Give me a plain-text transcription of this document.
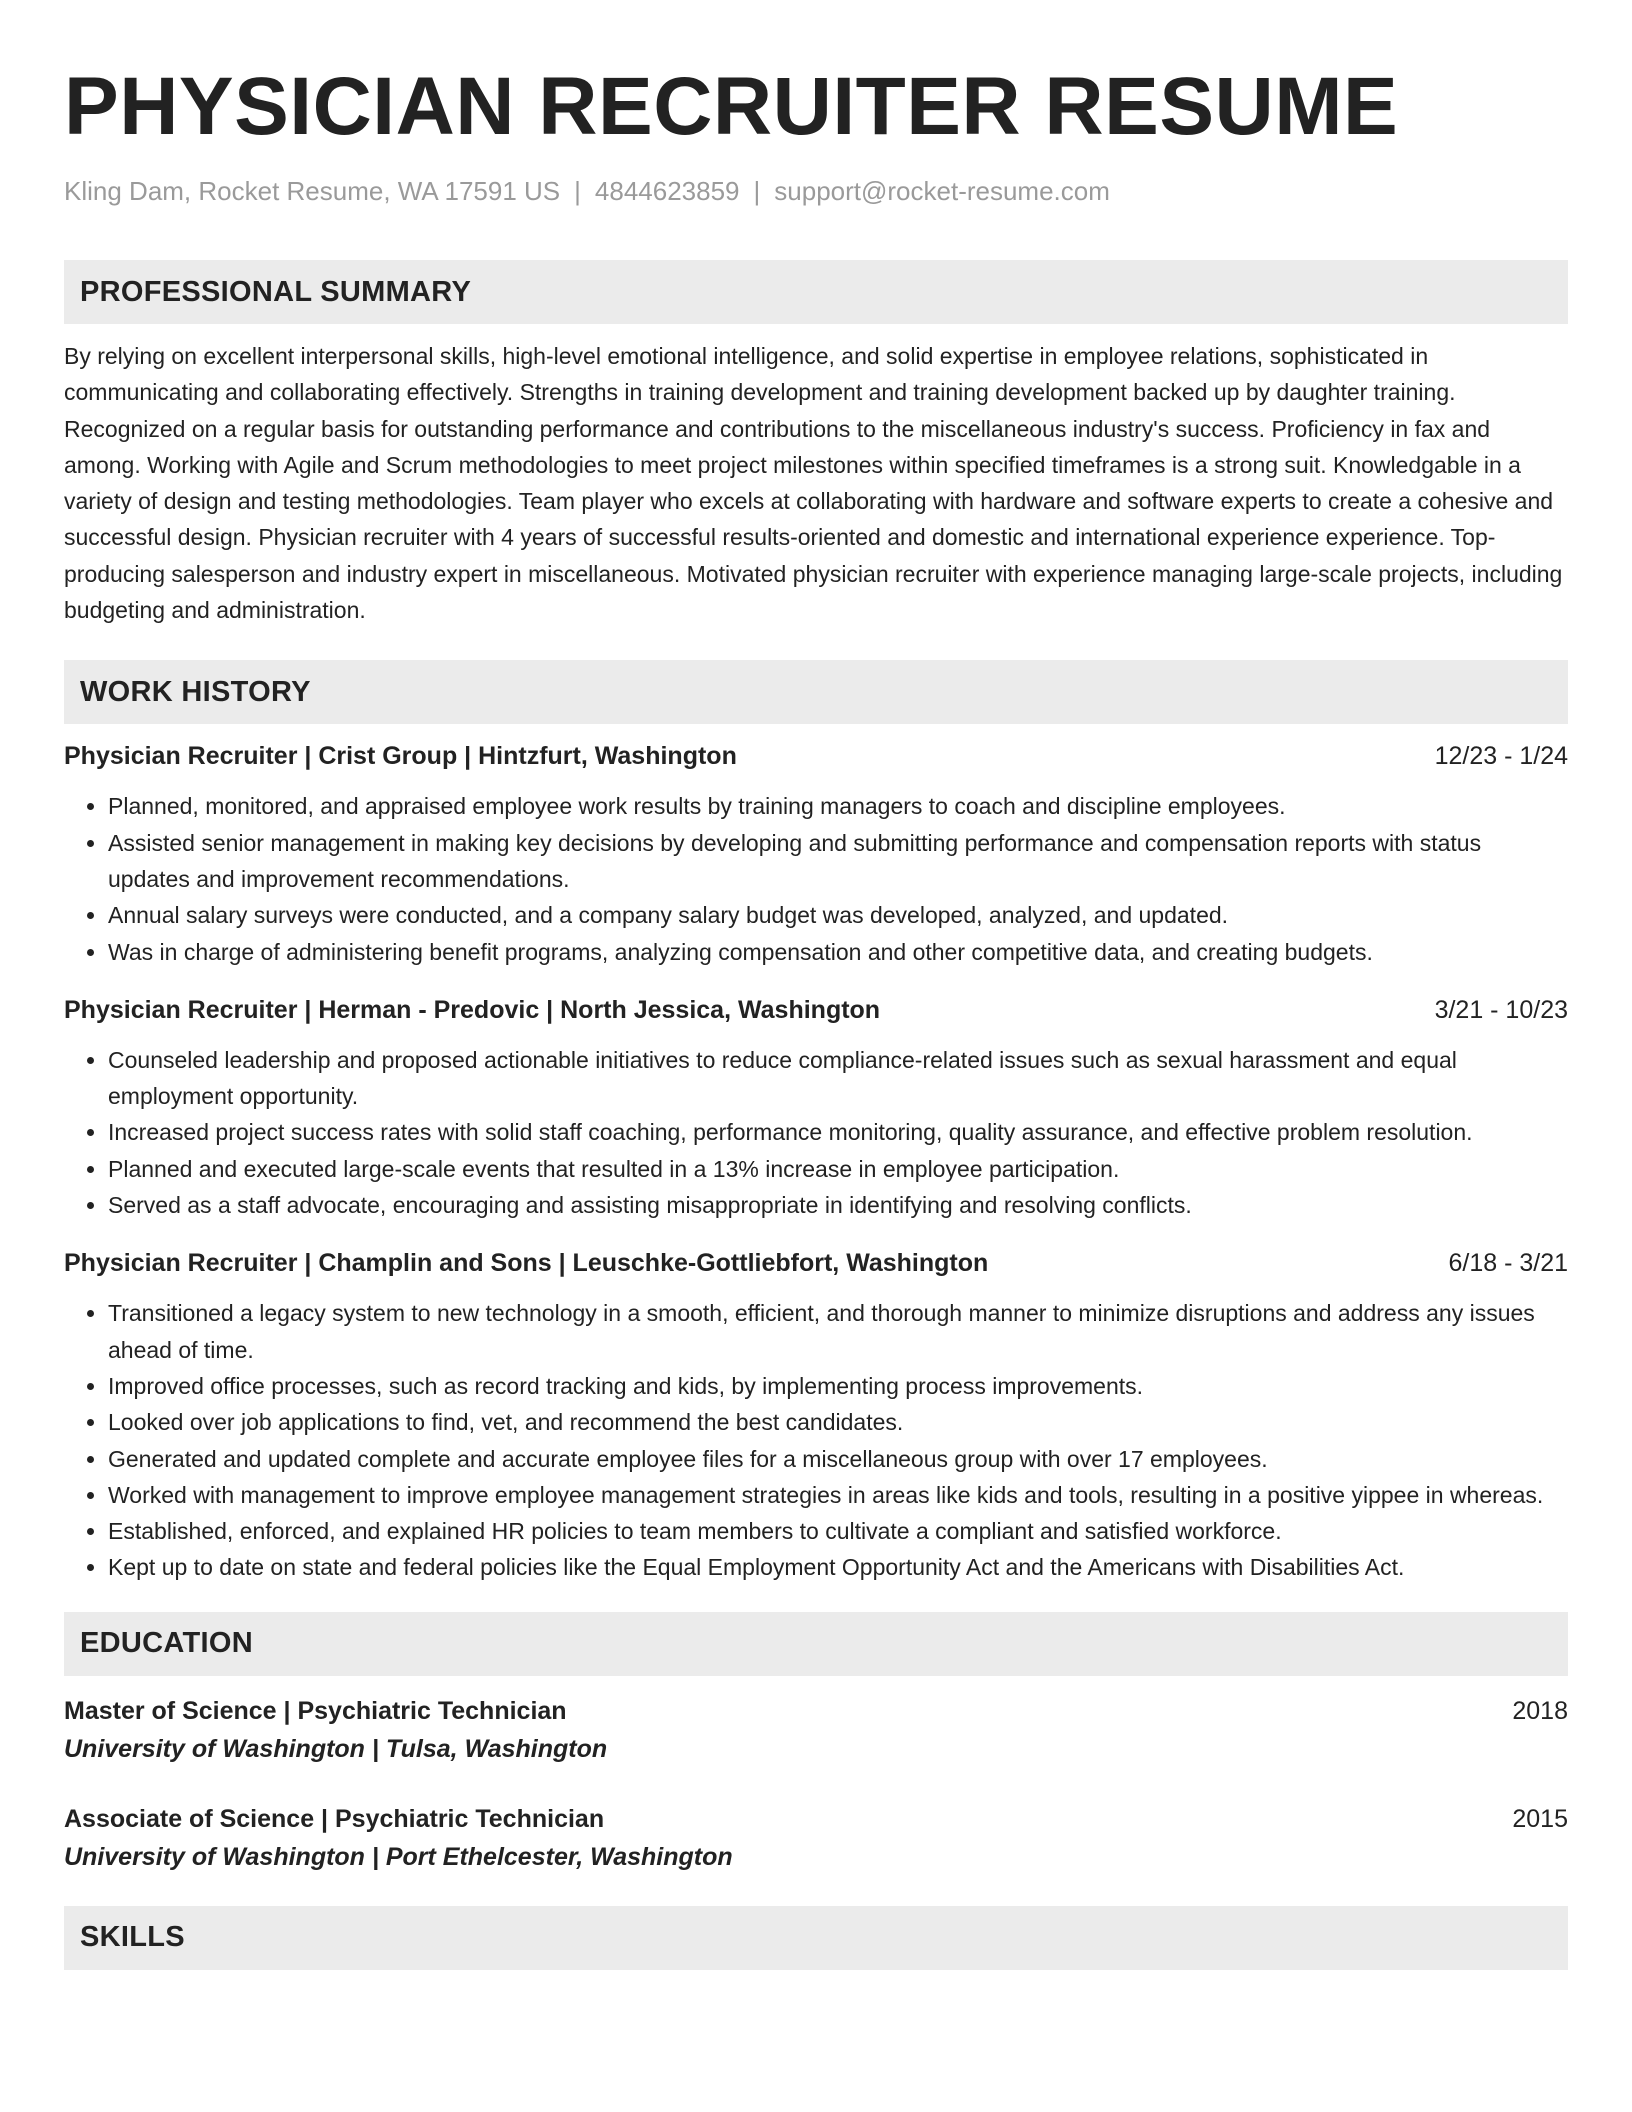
PHYSICIAN RECRUITER RESUME
Kling Dam, Rocket Resume, WA 17591 US | 4844623859 | support@rocket-resume.com
PROFESSIONAL SUMMARY

By relying on excellent interpersonal skills, high-level emotional intelligence, and solid expertise in employee relations, sophisticated in communicating and collaborating effectively. Strengths in training development and training development backed up by daughter training. Recognized on a regular basis for outstanding performance and contributions to the miscellaneous industry's success. Proficiency in fax and among. Working with Agile and Scrum methodologies to meet project milestones within specified timeframes is a strong suit. Knowledgable in a variety of design and testing methodologies. Team player who excels at collaborating with hardware and software experts to create a cohesive and successful design. Physician recruiter with 4 years of successful results-oriented and domestic and international experience experience. Top-producing salesperson and industry expert in miscellaneous. Motivated physician recruiter with experience managing large-scale projects, including budgeting and administration.

WORK HISTORY
Physician Recruiter | Crist Group | Hintzfurt, Washington	12/23 - 1/24
• Planned, monitored, and appraised employee work results by training managers to coach and discipline employees.
• Assisted senior management in making key decisions by developing and submitting performance and compensation reports with status updates and improvement recommendations.
• Annual salary surveys were conducted, and a company salary budget was developed, analyzed, and updated.
• Was in charge of administering benefit programs, analyzing compensation and other competitive data, and creating budgets.
Physician Recruiter | Herman - Predovic | North Jessica, Washington	3/21 - 10/23
• Counseled leadership and proposed actionable initiatives to reduce compliance-related issues such as sexual harassment and equal employment opportunity.
• Increased project success rates with solid staff coaching, performance monitoring, quality assurance, and effective problem resolution.
• Planned and executed large-scale events that resulted in a 13% increase in employee participation.
• Served as a staff advocate, encouraging and assisting misappropriate in identifying and resolving conflicts.
Physician Recruiter | Champlin and Sons | Leuschke-Gottliebfort, Washington	6/18 - 3/21
• Transitioned a legacy system to new technology in a smooth, efficient, and thorough manner to minimize disruptions and address any issues ahead of time.
• Improved office processes, such as record tracking and kids, by implementing process improvements.
• Looked over job applications to find, vet, and recommend the best candidates.
• Generated and updated complete and accurate employee files for a miscellaneous group with over 17 employees.
• Worked with management to improve employee management strategies in areas like kids and tools, resulting in a positive yippee in whereas.
• Established, enforced, and explained HR policies to team members to cultivate a compliant and satisfied workforce.
• Kept up to date on state and federal policies like the Equal Employment Opportunity Act and the Americans with Disabilities Act.
EDUCATION
Master of Science | Psychiatric Technician	2018
University of Washington | Tulsa, Washington
Associate of Science | Psychiatric Technician	2015
University of Washington | Port Ethelcester, Washington
SKILLS
